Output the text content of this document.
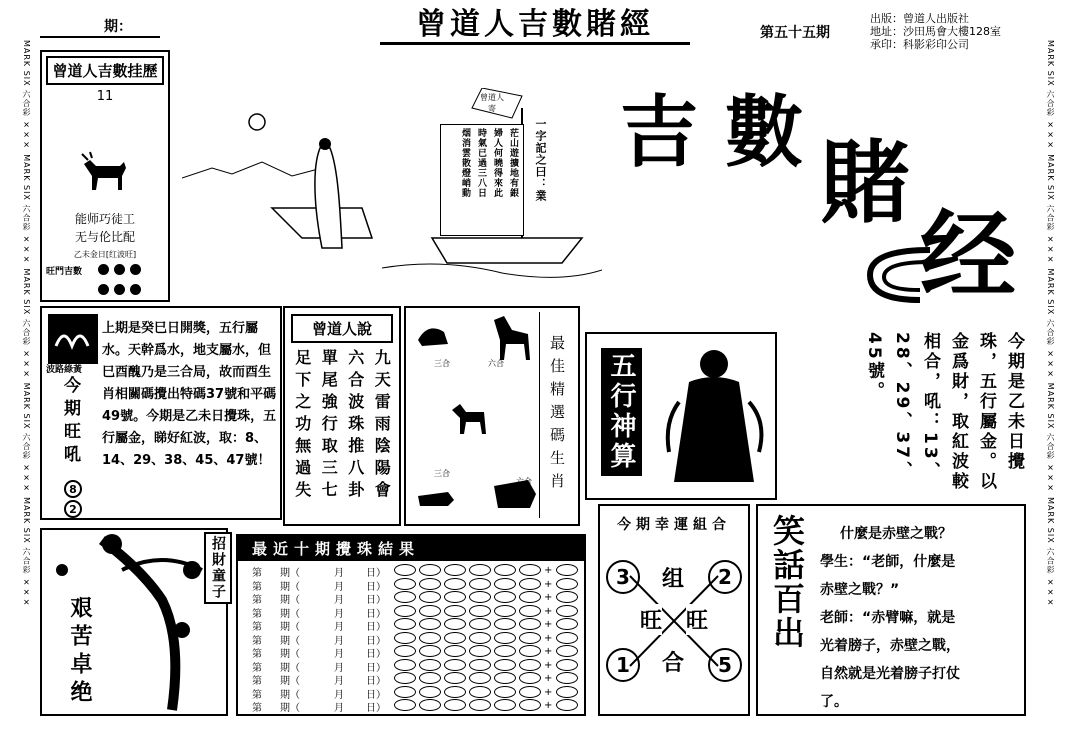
MARK SIX 六合彩 ✕✕✕ MARK SIX 六合彩 ✕✕✕ MARK SIX 六合彩 ✕✕✕ MARK SIX 六合彩 ✕✕✕ MARK SIX 六合彩 ✕✕✕	MARK SIX 六合彩 ✕✕✕ MARK SIX 六合彩 ✕✕✕ MARK SIX 六合彩 ✕✕✕ MARK SIX 六合彩 ✕✕✕ MARK SIX 六合彩 ✕✕✕
期：	曾道人吉數賭經	第五十五期
出版：曾道人出版社
地址：沙田馬會大樓128室
承印：科影彩印公司
曾道人吉數挂歷
11
能师巧徒工
无与伦比配
乙未金日[红波旺]
旺門吉數

曾道人寄
茫山遊擴地有銀
婦人何曉得來此
時氣已過三八日
烟消雲散燈峭動	一字記之曰：業 吉 數 賭
经
波路綠黃
今期旺吼
8
2
上期是癸巳日開獎，五行屬水。天幹爲水，地支屬水，但巳酉醜乃是三合局，故而酉生肖相關碼攪出特碼37號和平碼49號。今期是乙未日攪珠，五行屬金，睇好紅波，取：8、14、29、38、45、47號！
曾道人說
九天雷雨陰陽會
六合波珠推八卦
單尾強行取三七
足下之功無過失	三合	六合
三合
六合	最佳精選碼生肖	五行神算	今期是乙未日攪珠，五行屬金。以金爲財，取紅波較相合，吼：13、28、29、37、45號。
艰苦卓绝
招財童子	最近十期攪珠結果
第 期（	月 日）	+
第 期（	月 日）	+
第 期（	月 日）	+
第 期（	月 日）	+
第 期（	月 日）	+
第 期（	月 日）	+
第 期（	月 日）	+
第 期（	月 日）	+
第 期（	月 日）	+
第 期（	月 日）	+
第 期（	月 日）	+
今期幸運組合
3	2
1	5
组
旺 旺
合
笑話百出	什麼是赤壁之戰？
學生：“老師，什麼是
赤壁之戰？”
老師：“赤臂嘛，就是
光着膀子，赤壁之戰，
自然就是光着膀子打仗
了。
